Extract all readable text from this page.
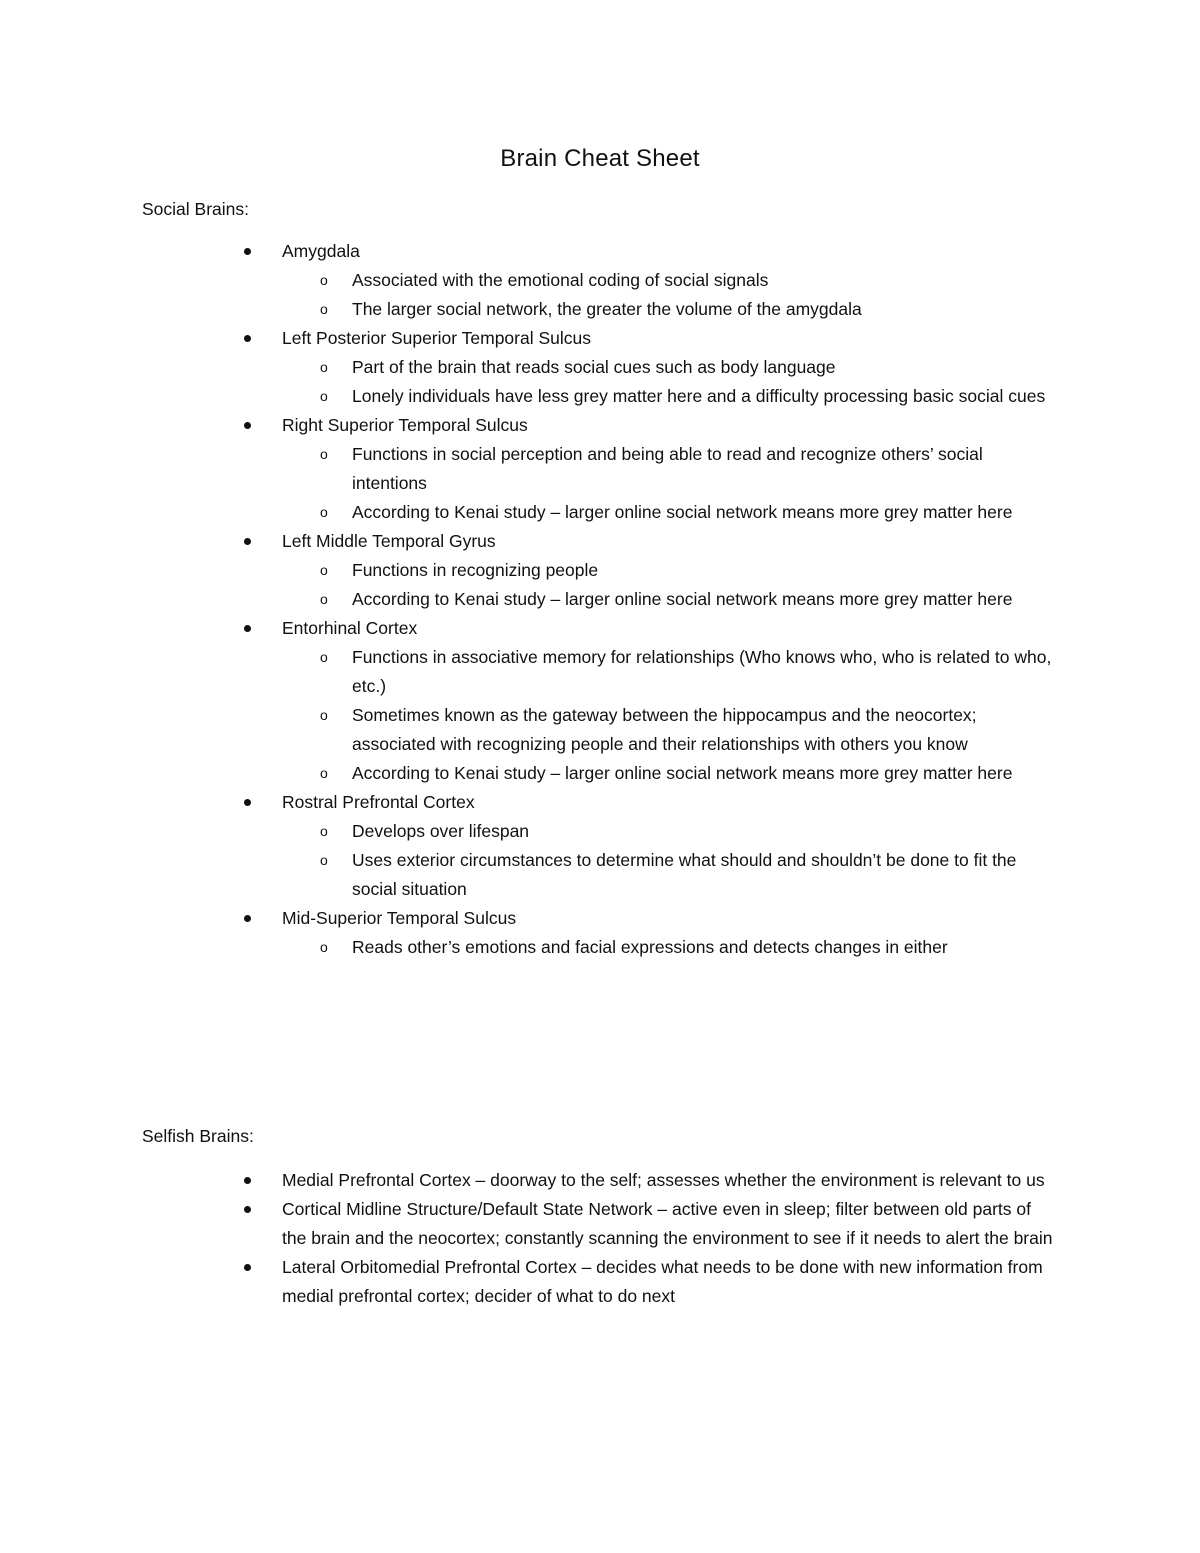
Brain Cheat Sheet
Social Brains:
Amygdala
o Associated with the emotional coding of social signals
o The larger social network, the greater the volume of the amygdala
Left Posterior Superior Temporal Sulcus
o Part of the brain that reads social cues such as body language
o Lonely individuals have less grey matter here and a difficulty processing basic social cues
Right Superior Temporal Sulcus
o Functions in social perception and being able to read and recognize others’ social intentions
o According to Kenai study – larger online social network means more grey matter here
Left Middle Temporal Gyrus
o Functions in recognizing people
o According to Kenai study – larger online social network means more grey matter here
Entorhinal Cortex
o Functions in associative memory for relationships (Who knows who, who is related to who, etc.)
o Sometimes known as the gateway between the hippocampus and the neocortex; associated with recognizing people and their relationships with others you know
o According to Kenai study – larger online social network means more grey matter here
Rostral Prefrontal Cortex
o Develops over lifespan
o Uses exterior circumstances to determine what should and shouldn’t be done to fit the social situation
Mid-Superior Temporal Sulcus
o Reads other’s emotions and facial expressions and detects changes in either
Selfish Brains:
Medial Prefrontal Cortex – doorway to the self; assesses whether the environment is relevant to us
Cortical Midline Structure/Default State Network – active even in sleep; filter between old parts of the brain and the neocortex; constantly scanning the environment to see if it needs to alert the brain
Lateral Orbitomedial Prefrontal Cortex – decides what needs to be done with new information from medial prefrontal cortex; decider of what to do next
